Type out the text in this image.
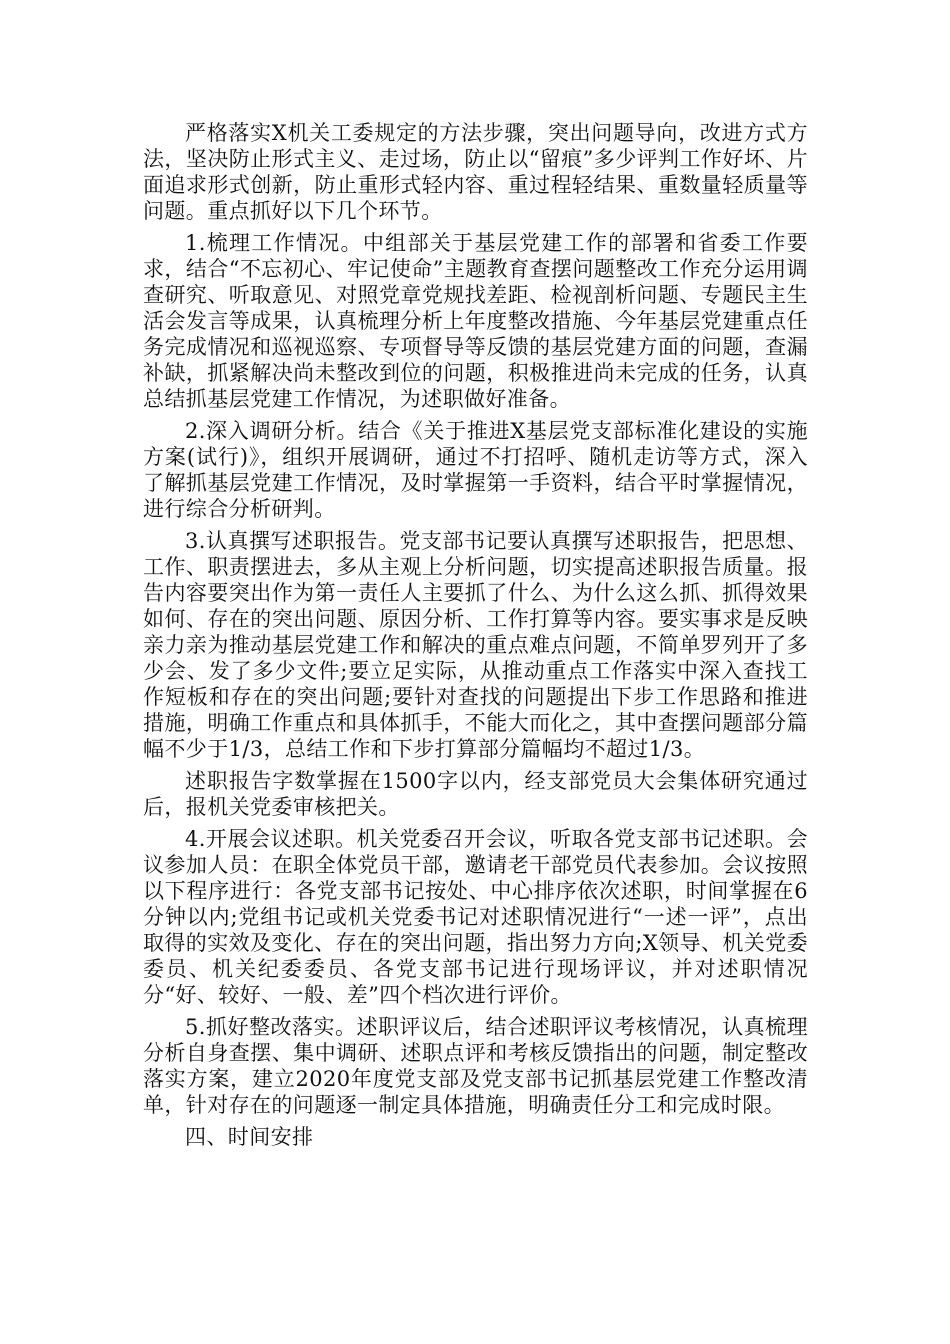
严格落实X机关工委规定的方法步骤，突出问题导向，改进方式方法，坚决防止形式主义、走过场，防止以“留痕”多少评判工作好坏、片面追求形式创新，防止重形式轻内容、重过程轻结果、重数量轻质量等问题。重点抓好以下几个环节。

1.梳理工作情况。中组部关于基层党建工作的部署和省委工作要求，结合“不忘初心、牢记使命”主题教育查摆问题整改工作充分运用调查研究、听取意见、对照党章党规找差距、检视剖析问题、专题民主生活会发言等成果，认真梳理分析上年度整改措施、今年基层党建重点任务完成情况和巡视巡察、专项督导等反馈的基层党建方面的问题，查漏补缺，抓紧解决尚未整改到位的问题，积极推进尚未完成的任务，认真总结抓基层党建工作情况，为述职做好准备。

2.深入调研分析。结合《关于推进X基层党支部标准化建设的实施方案(试行)》，组织开展调研，通过不打招呼、随机走访等方式，深入了解抓基层党建工作情况，及时掌握第一手资料，结合平时掌握情况，进行综合分析研判。

3.认真撰写述职报告。党支部书记要认真撰写述职报告，把思想、工作、职责摆进去，多从主观上分析问题，切实提高述职报告质量。报告内容要突出作为第一责任人主要抓了什么、为什么这么抓、抓得效果如何、存在的突出问题、原因分析、工作打算等内容。要实事求是反映亲力亲为推动基层党建工作和解决的重点难点问题，不简单罗列开了多少会、发了多少文件;要立足实际，从推动重点工作落实中深入查找工作短板和存在的突出问题;要针对查找的问题提出下步工作思路和推进措施，明确工作重点和具体抓手，不能大而化之，其中查摆问题部分篇幅不少于1/3，总结工作和下步打算部分篇幅均不超过1/3。

述职报告字数掌握在1500字以内，经支部党员大会集体研究通过后，报机关党委审核把关。

4.开展会议述职。机关党委召开会议，听取各党支部书记述职。会议参加人员：在职全体党员干部，邀请老干部党员代表参加。会议按照以下程序进行：各党支部书记按处、中心排序依次述职，时间掌握在6分钟以内;党组书记或机关党委书记对述职情况进行“一述一评”，点出取得的实效及变化、存在的突出问题，指出努力方向;X领导、机关党委委员、机关纪委委员、各党支部书记进行现场评议，并对述职情况分“好、较好、一般、差”四个档次进行评价。

5.抓好整改落实。述职评议后，结合述职评议考核情况，认真梳理分析自身查摆、集中调研、述职点评和考核反馈指出的问题，制定整改落实方案，建立2020年度党支部及党支部书记抓基层党建工作整改清单，针对存在的问题逐一制定具体措施，明确责任分工和完成时限。

四、时间安排
